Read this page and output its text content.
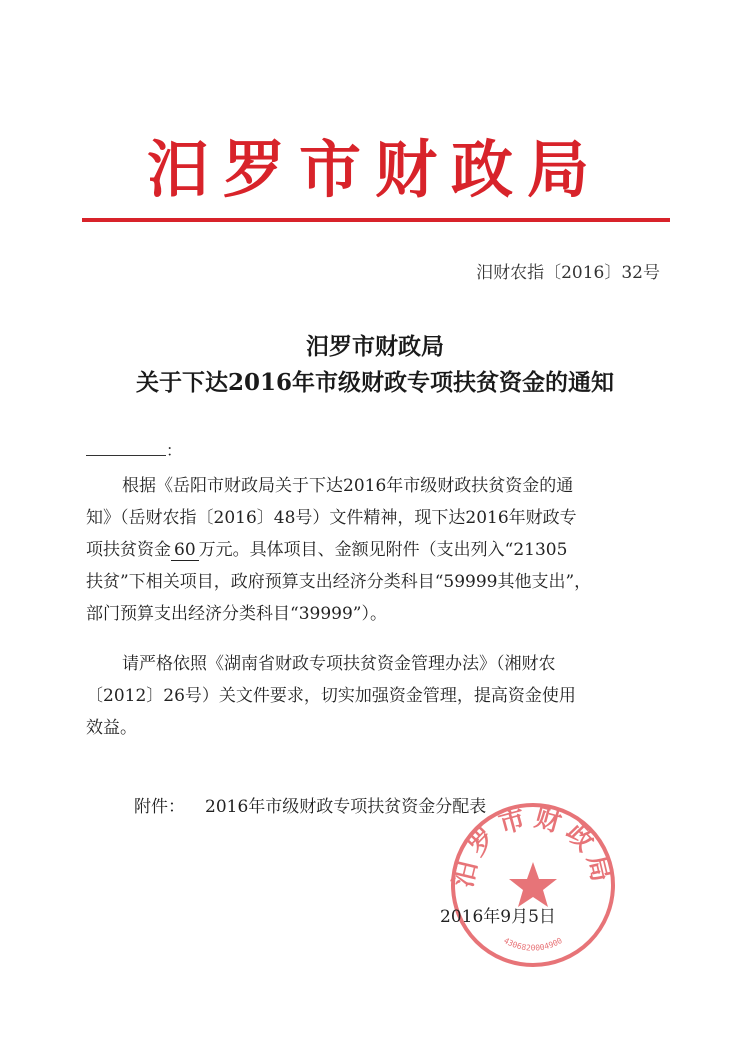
汨罗市财政局
汨财农指〔2016〕32号
汨罗市财政局
关于下达2016年市级财政专项扶贫资金的通知
：
根据《岳阳市财政局关于下达2016年市级财政扶贫资金的通
知》（岳财农指〔2016〕48号）文件精神，现下达2016年财政专
项扶贫资金 60 万元。具体项目、金额见附件（支出列入“21305
扶贫”下相关项目，政府预算支出经济分类科目“59999其他支出”，
部门预算支出经济分类科目“39999”）。
请严格依照《湖南省财政专项扶贫资金管理办法》（湘财农
〔2012〕26号）关文件要求，切实加强资金管理，提高资金使用
效益。
附件： 2016年市级财政专项扶贫资金分配表
汨罗市财政局
4306820004900
2016年9月5日
